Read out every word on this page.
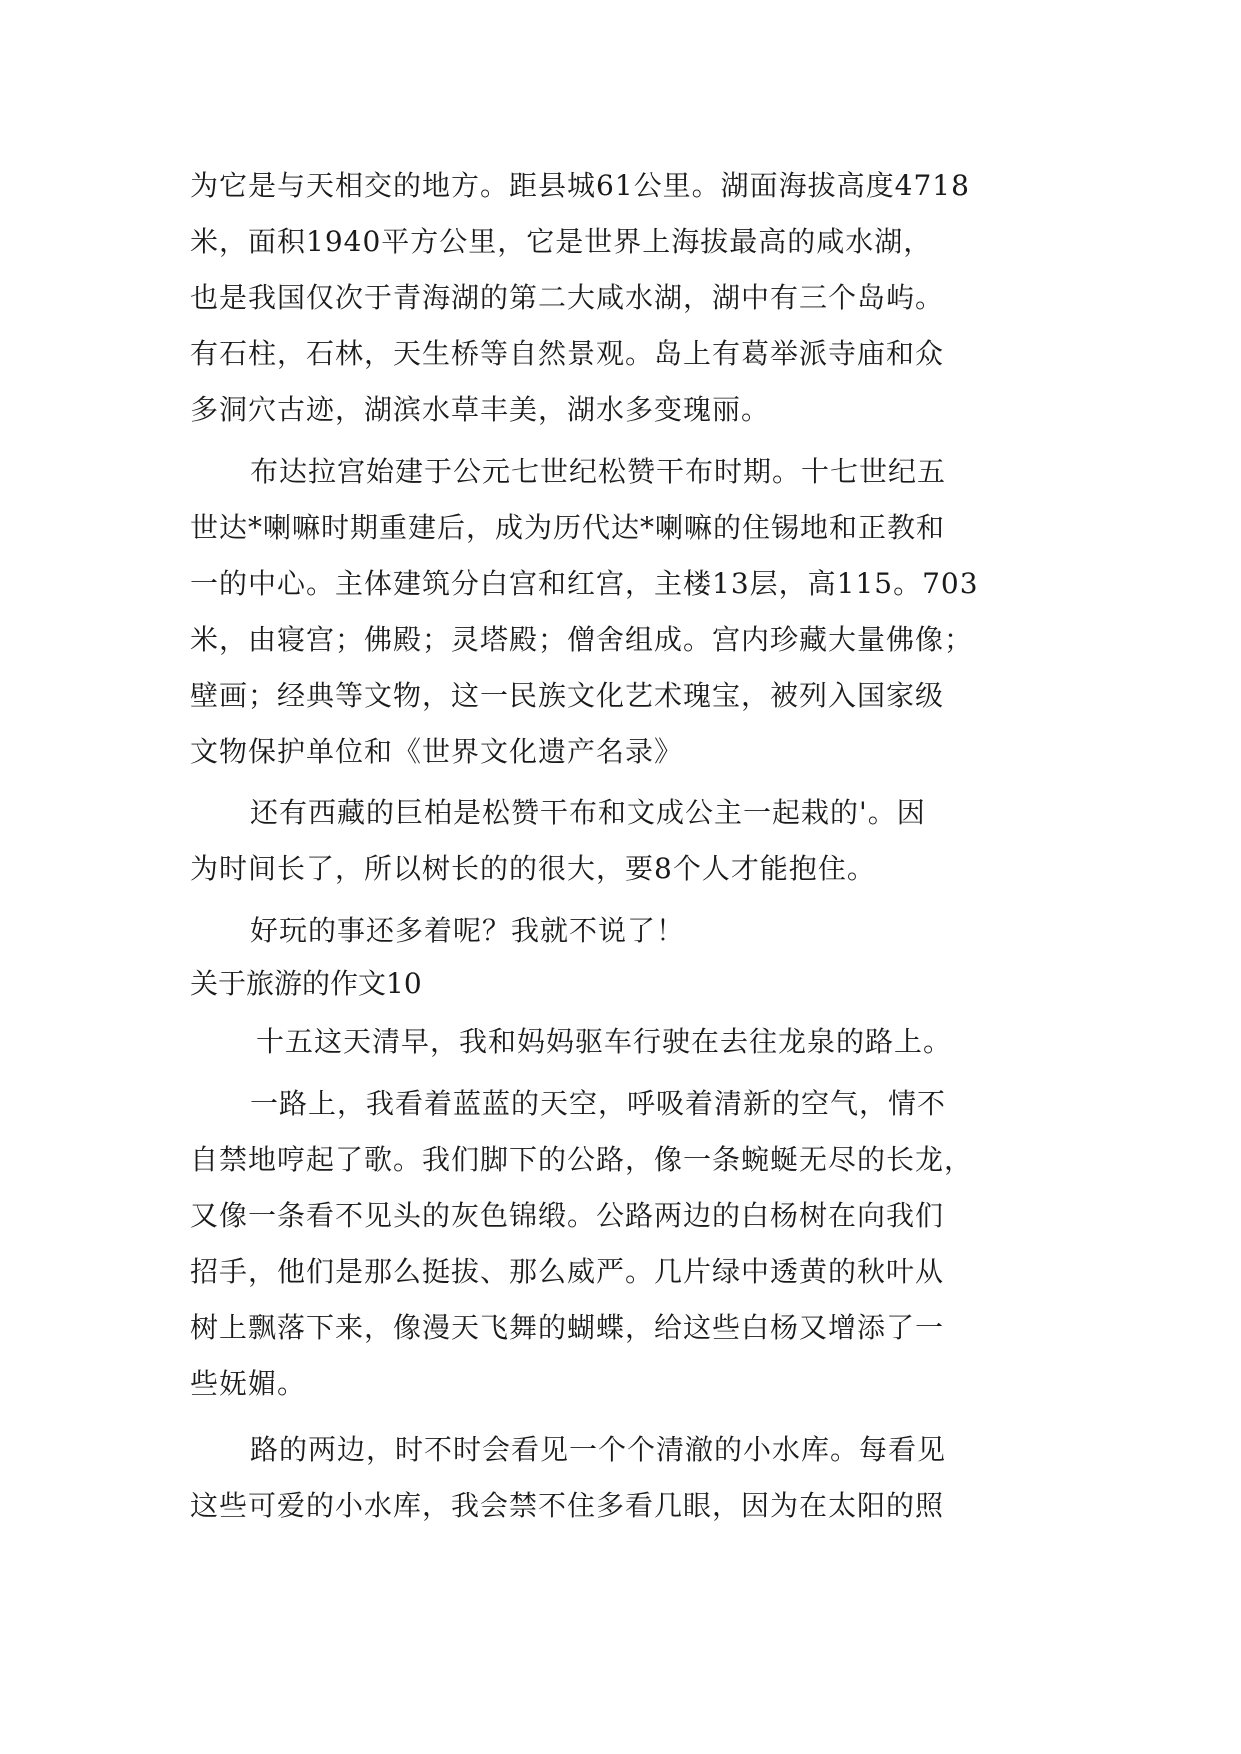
为它是与天相交的地方。距县城61公里。湖面海拔高度4718
米，面积1940平方公里，它是世界上海拔最高的咸水湖，
也是我国仅次于青海湖的第二大咸水湖，湖中有三个岛屿。
有石柱，石林，天生桥等自然景观。岛上有葛举派寺庙和众
多洞穴古迹，湖滨水草丰美，湖水多变瑰丽。
布达拉宫始建于公元七世纪松赞干布时期。十七世纪五
世达*喇嘛时期重建后，成为历代达*喇嘛的住锡地和正教和
一的中心。主体建筑分白宫和红宫，主楼13层，高115。703
米，由寝宫；佛殿；灵塔殿；僧舍组成。宫内珍藏大量佛像；
壁画；经典等文物，这一民族文化艺术瑰宝，被列入国家级
文物保护单位和《世界文化遗产名录》
还有西藏的巨柏是松赞干布和文成公主一起栽的'。因
为时间长了，所以树长的的很大，要8个人才能抱住。
好玩的事还多着呢？我就不说了！
关于旅游的作文10
十五这天清早，我和妈妈驱车行驶在去往龙泉的路上。
一路上，我看着蓝蓝的天空，呼吸着清新的空气，情不
自禁地哼起了歌。我们脚下的公路，像一条蜿蜒无尽的长龙，
又像一条看不见头的灰色锦缎。公路两边的白杨树在向我们
招手，他们是那么挺拔、那么威严。几片绿中透黄的秋叶从
树上飘落下来，像漫天飞舞的蝴蝶，给这些白杨又增添了一
些妩媚。
路的两边，时不时会看见一个个清澈的小水库。每看见
这些可爱的小水库，我会禁不住多看几眼，因为在太阳的照
